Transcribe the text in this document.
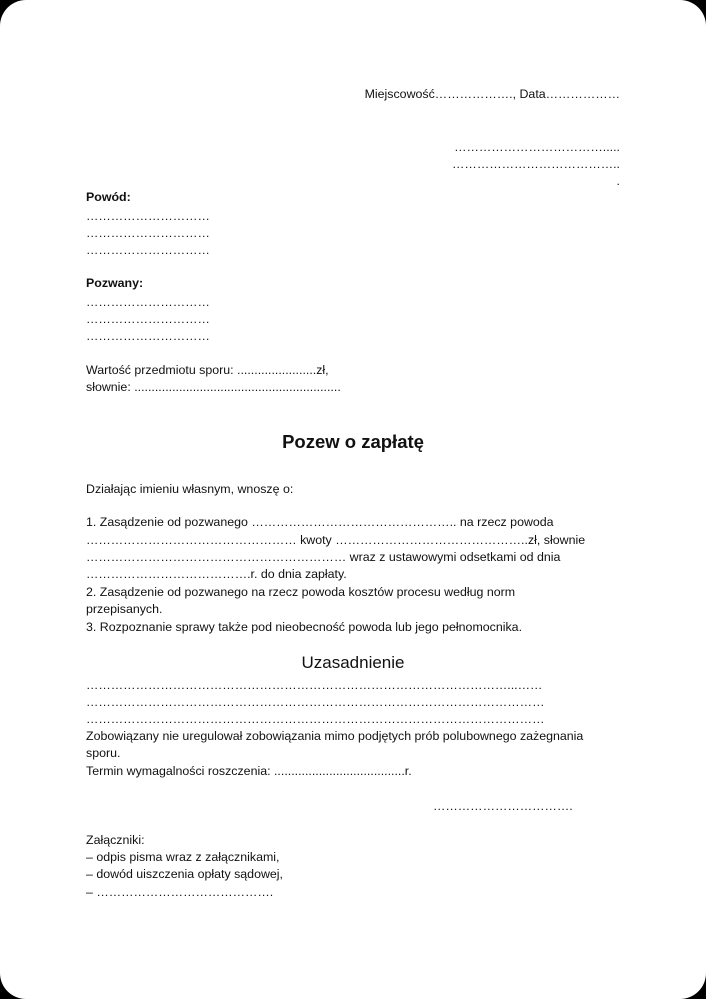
Miejscowość………………., Data………………
……………………………….....
…………………………………..
.
Powód:
…………………………
…………………………
…………………………
Pozwany:
…………………………
…………………………
…………………………
Wartość przedmiotu sporu: .......................zł,
słownie: ............................................................
Pozew o zapłatę
Działając imieniu własnym, wnoszę o:
1. Zasądzenie od pozwanego ………………………………………….. na rzecz powoda
…………………………………………… kwoty ………………………………………..zł, słownie
……………………………………………………… wraz z ustawowymi odsetkami od dnia
………………………………….r. do dnia zapłaty.
2. Zasądzenie od pozwanego na rzecz powoda kosztów procesu według norm
przepisanych.
3. Rozpoznanie sprawy także pod nieobecność powoda lub jego pełnomocnika.
Uzasadnienie
…………………………………………………………………………………………...……
…………………………………………………………………………………………………
…………………………………………………………………………………………………
Zobowiązany nie uregulował zobowiązania mimo podjętych prób polubownego zażegnania
sporu.
Termin wymagalności roszczenia: ......................................r.
…………………………….
Załączniki:
– odpis pisma wraz z załącznikami,
– dowód uiszczenia opłaty sądowej,
– …………………………………….
